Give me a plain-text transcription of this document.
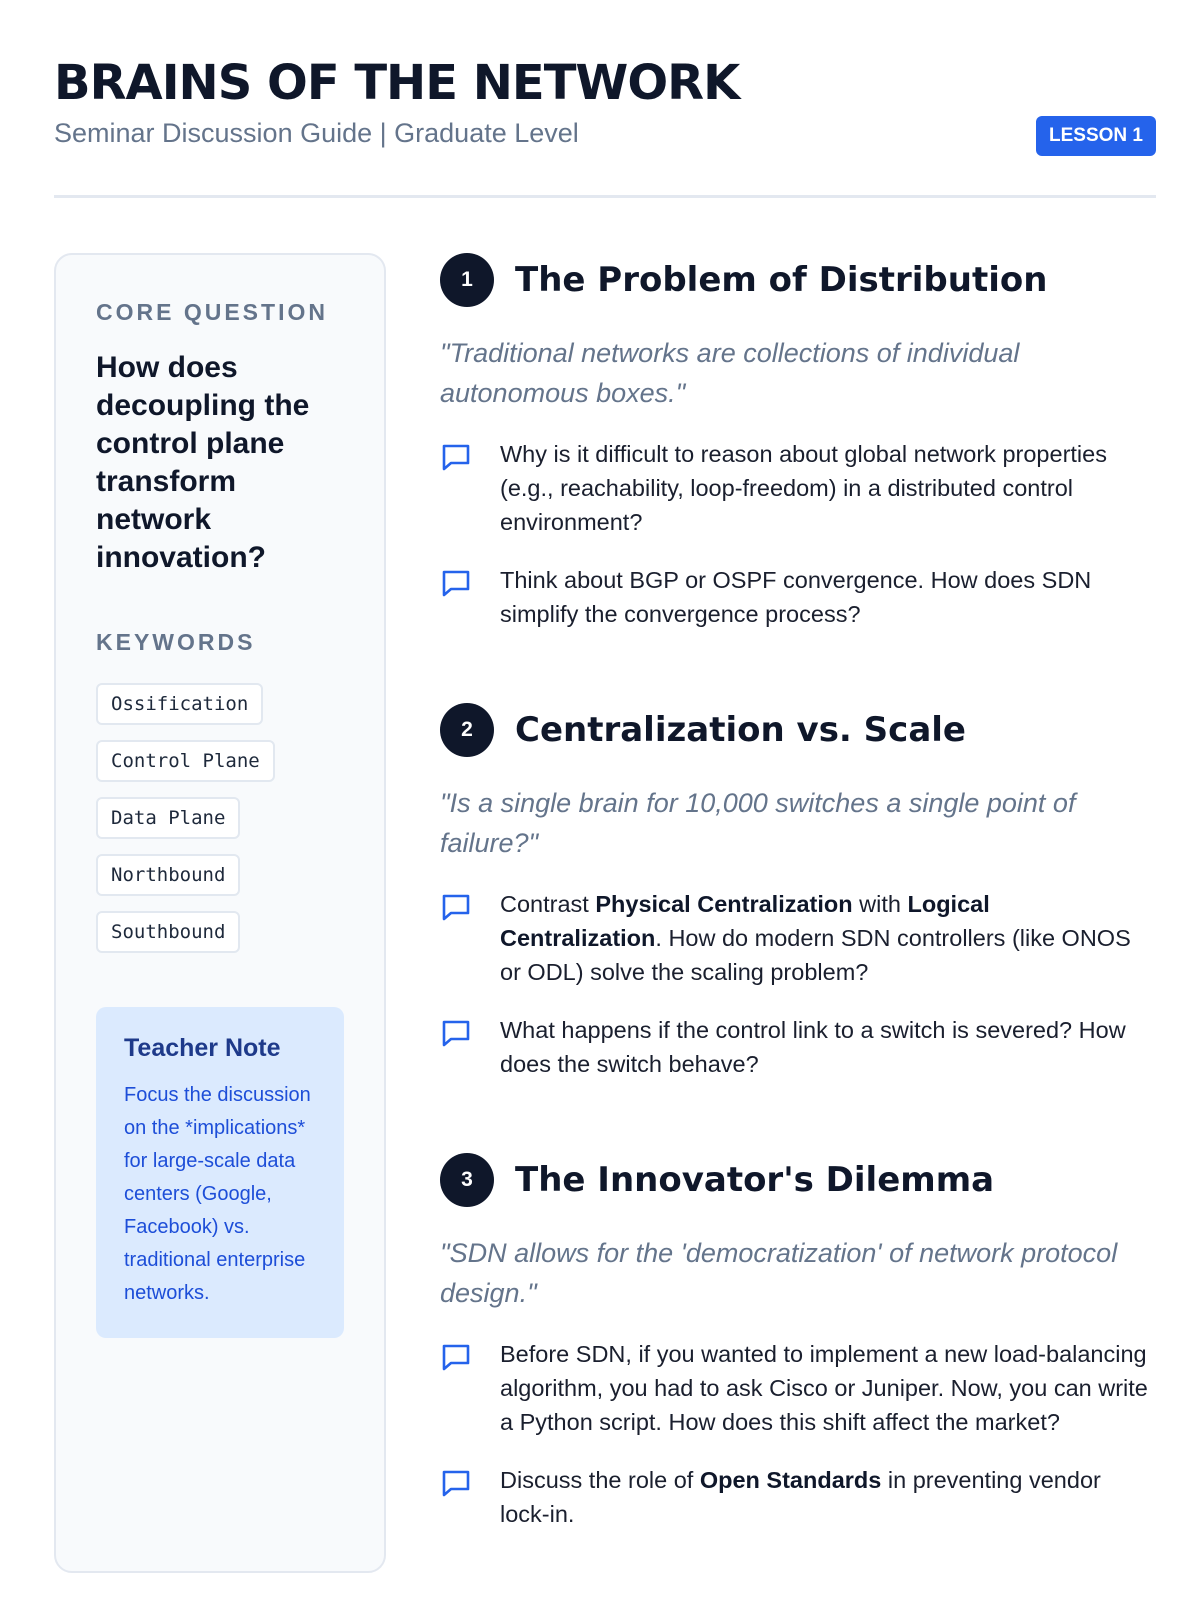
BRAINS OF THE NETWORK
Seminar Discussion Guide | Graduate Level	LESSON 1
CORE QUESTION
How does decoupling the control plane transform network innovation?
KEYWORDS
Ossification
Control Plane
Data Plane
Northbound
Southbound
Teacher Note
Focus the discussion on the *implications* for large-scale data centers (Google, Facebook) vs. traditional enterprise networks.
1	The Problem of Distribution
"Traditional networks are collections of individual autonomous boxes."
Why is it difficult to reason about global network properties (e.g., reachability, loop-freedom) in a distributed control environment?
Think about BGP or OSPF convergence. How does SDN simplify the convergence process?
2	Centralization vs. Scale
"Is a single brain for 10,000 switches a single point of failure?"
Contrast Physical Centralization with Logical Centralization. How do modern SDN controllers (like ONOS or ODL) solve the scaling problem?
What happens if the control link to a switch is severed? How does the switch behave?
3	The Innovator's Dilemma
"SDN allows for the 'democratization' of network protocol design."
Before SDN, if you wanted to implement a new load-balancing algorithm, you had to ask Cisco or Juniper. Now, you can write a Python script. How does this shift affect the market?
Discuss the role of Open Standards in preventing vendor lock-in.
